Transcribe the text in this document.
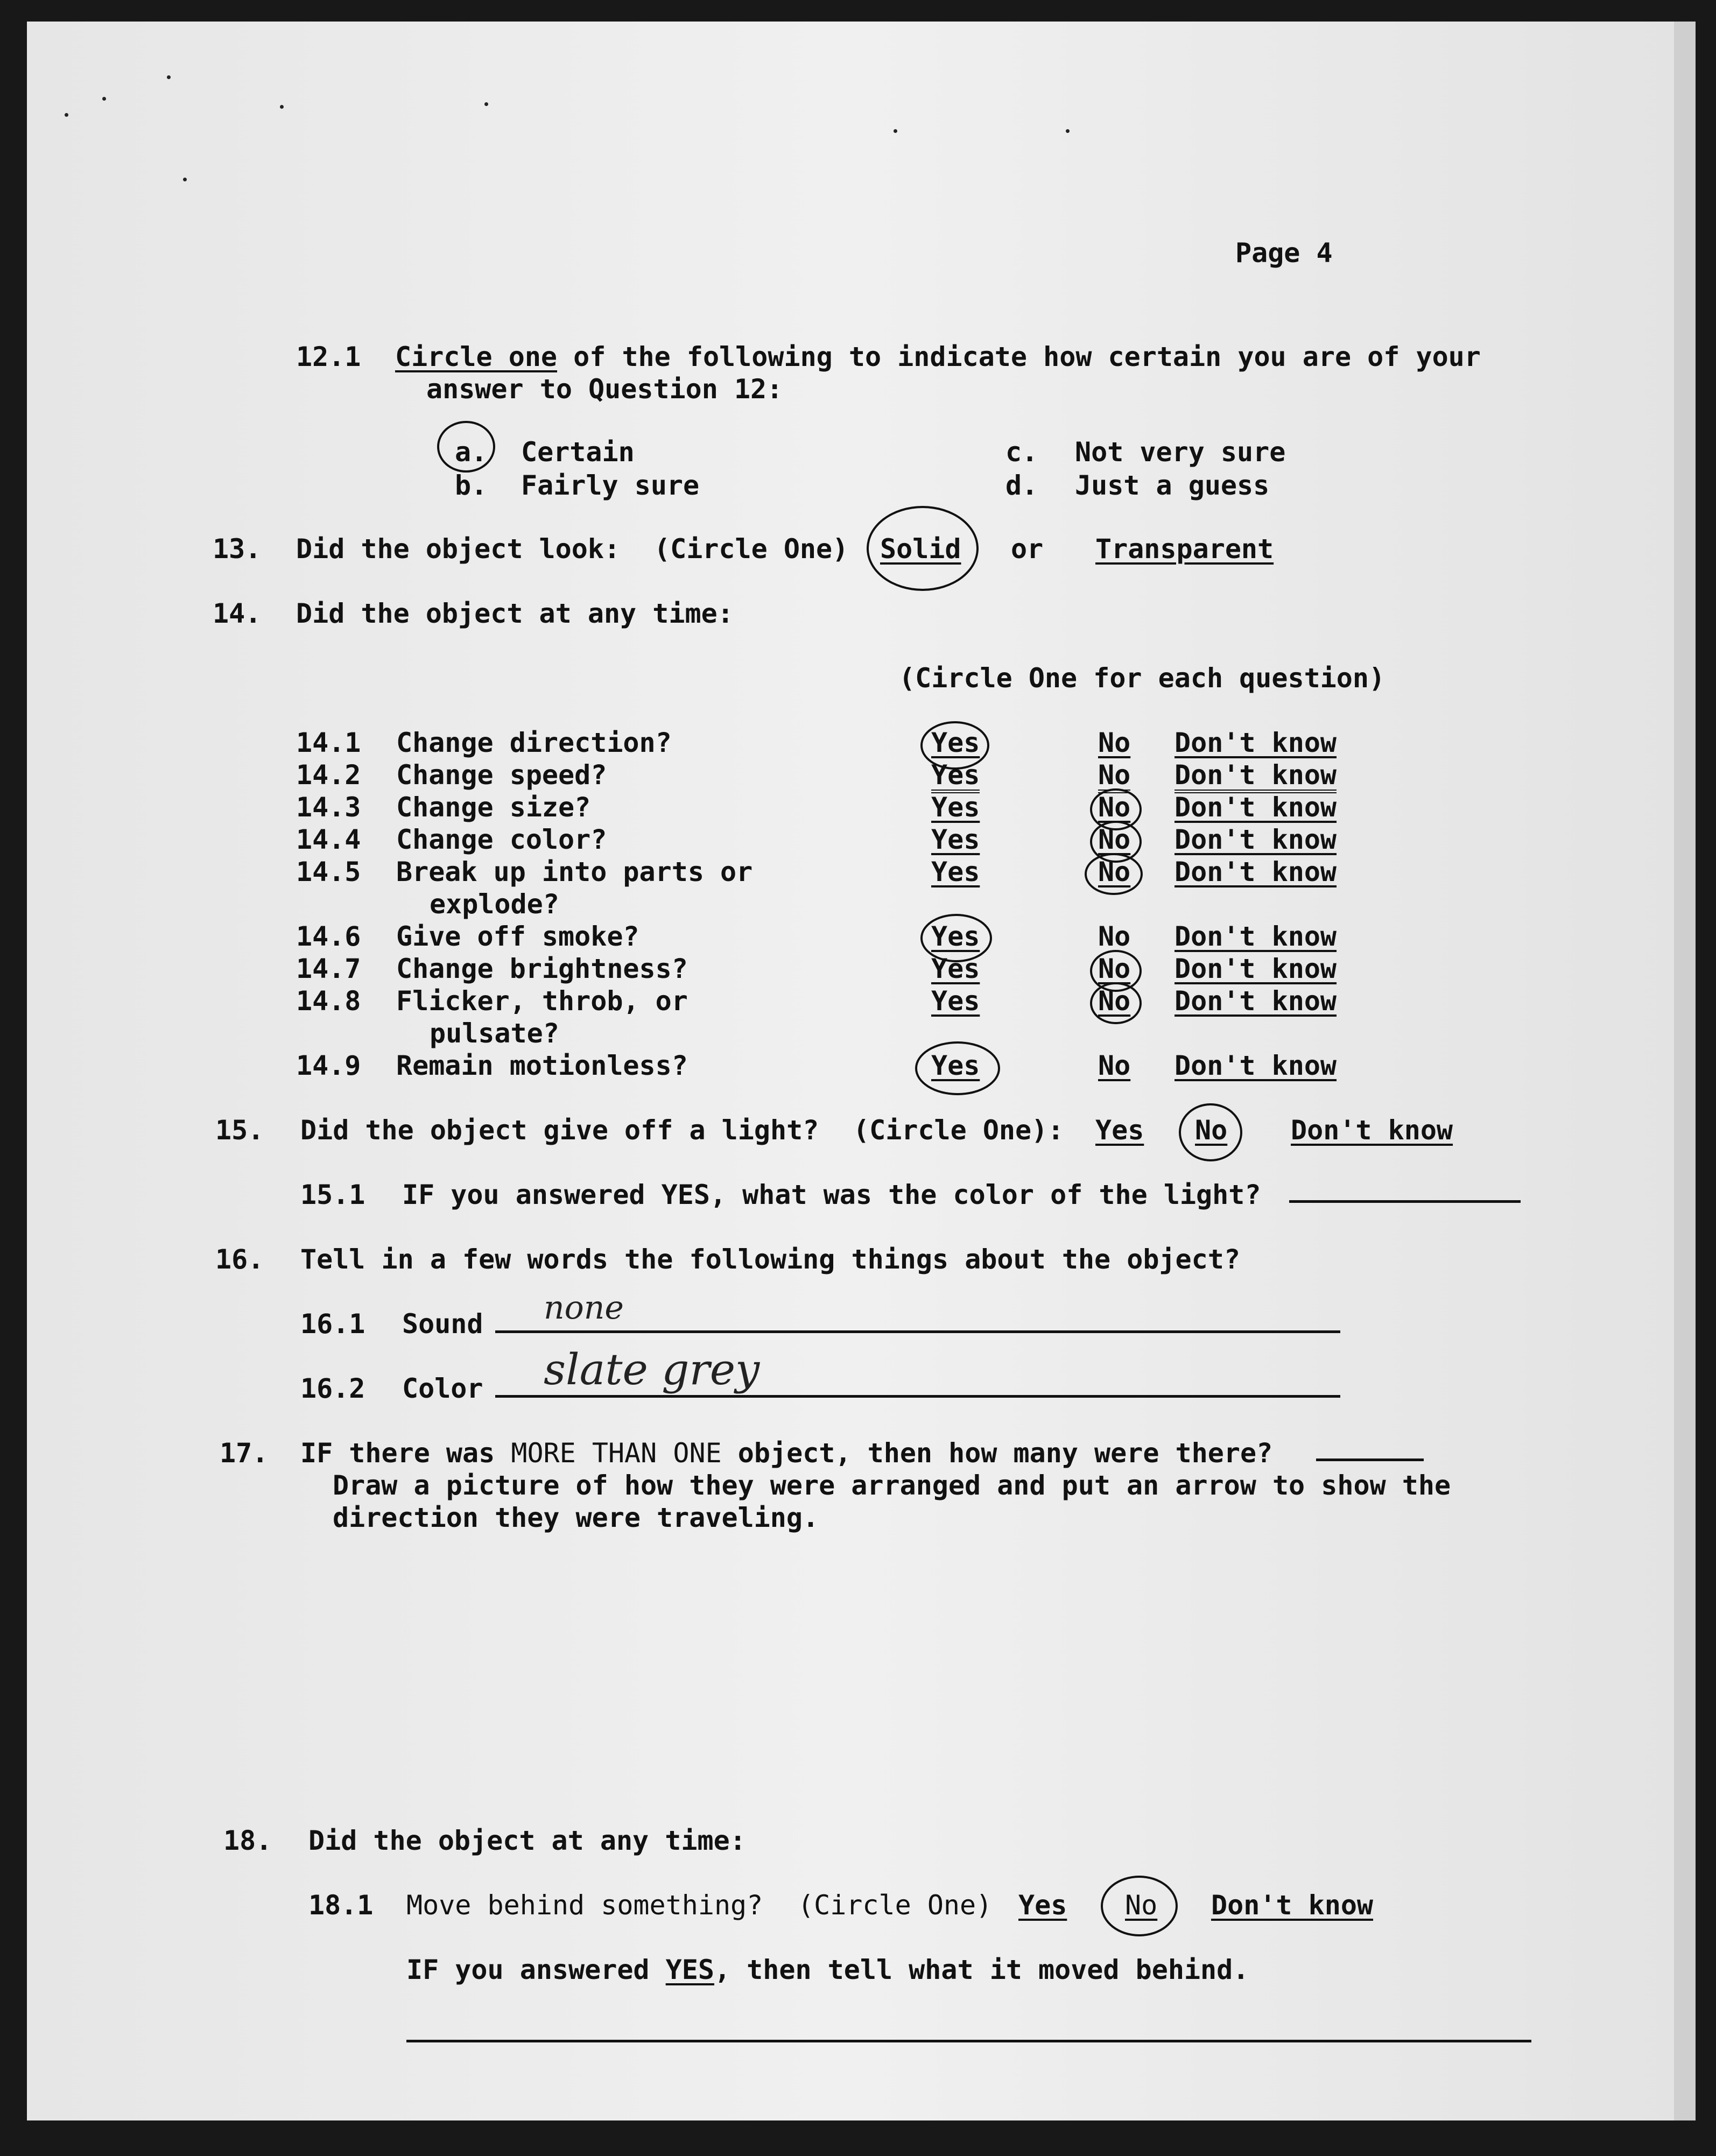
Page 4
12.1 Circle one of the following to indicate how certain you are of your
answer to Question 12:
a. Certain
b. Fairly sure
c. Not very sure
d. Just a guess
13. Did the object look: (Circle One) Solid or Transparent
14. Did the object at any time:
(Circle One for each question)
14.1 Change direction?	Yes	No Don't know
14.2 Change speed?	Yes	No Don't know
14.3 Change size?	Yes	No Don't know
14.4 Change color?	Yes	No Don't know
14.5 Break up into parts or
explode?
Yes	No Don't know
14.6 Give off smoke?	Yes	No Don't know
14.7 Change brightness?	Yes	No Don't know
14.8 Flicker, throb, or
pulsate?
Yes	No Don't know
14.9 Remain motionless?	Yes	No Don't know
15. Did the object give off a light? (Circle One): Yes No Don't know
15.1 IF you answered YES, what was the color of the light?
16. Tell in a few words the following things about the object?
16.1 Sound none
16.2 Color slate grey
17. IF there was MORE THAN ONE object, then how many were there?
Draw a picture of how they were arranged and put an arrow to show the
direction they were traveling.
18. Did the object at any time:
18.1 Move behind something? (Circle One) Yes No Don't know
IF you answered YES, then tell what it moved behind.
